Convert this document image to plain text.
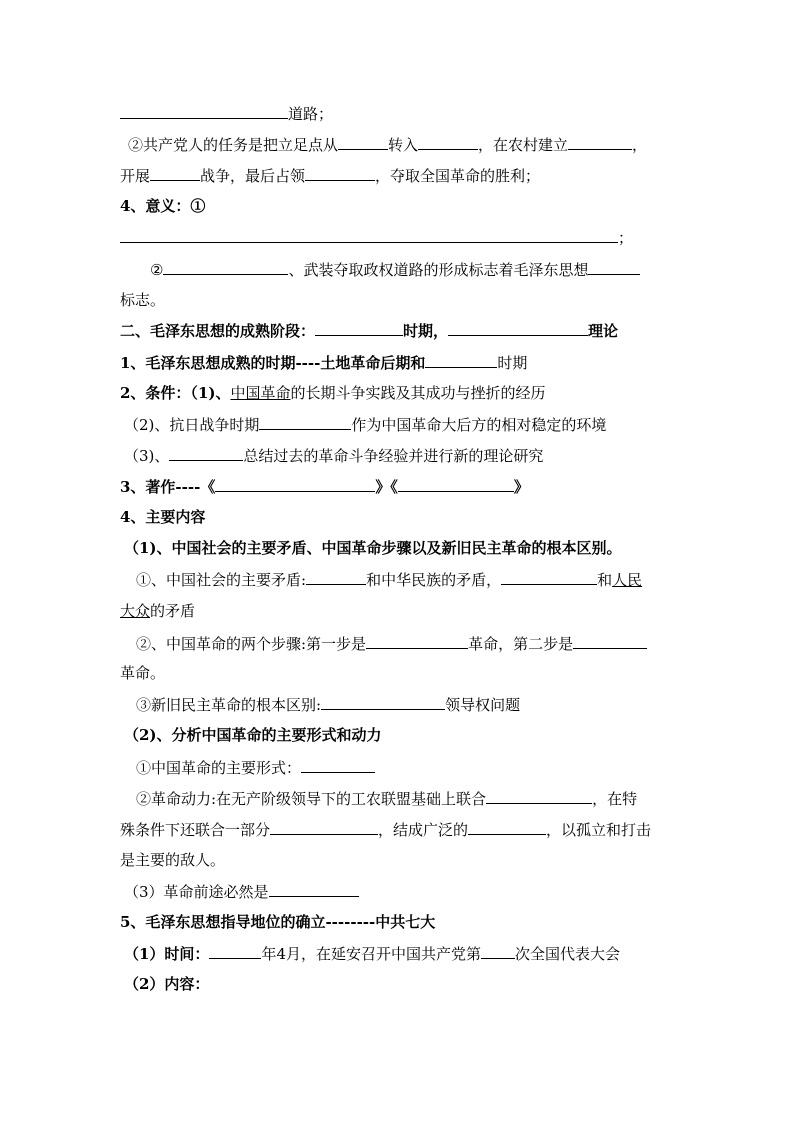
道路；
②共产党人的任务是把立足点从	转入	，在农村建立	，
开展	战争，最后占领	，夺取全国革命的胜利；
4、意义：①
；
②	、武装夺取政权道路的形成标志着毛泽东思想
标志。
二、毛泽东思想的成熟阶段：	时期，	理论
1、毛泽东思想成熟的时期----土地革命后期和	时期
2、条件：（1)、中国革命的长期斗争实践及其成功与挫折的经历
（2)、抗日战争时期	作为中国革命大后方的相对稳定的环境
（3)、	总结过去的革命斗争经验并进行新的理论研究
3、著作----《	》《	》
4、主要内容
（1)、中国社会的主要矛盾、中国革命步骤以及新旧民主革命的根本区别。
①、中国社会的主要矛盾:	和中华民族的矛盾，	和人民
大众的矛盾
②、中国革命的两个步骤:第一步是	革命，第二步是
革命。
③新旧民主革命的根本区别:	领导权问题
（2)、分析中国革命的主要形式和动力
①中国革命的主要形式：
②革命动力:在无产阶级领导下的工农联盟基础上联合	，在特
殊条件下还联合一部分	，结成广泛的	，以孤立和打击
是主要的敌人。
（3）革命前途必然是
5、毛泽东思想指导地位的确立--------中共七大
（1）时间：	年4月，在延安召开中国共产党第 次全国代表大会
（2）内容：
